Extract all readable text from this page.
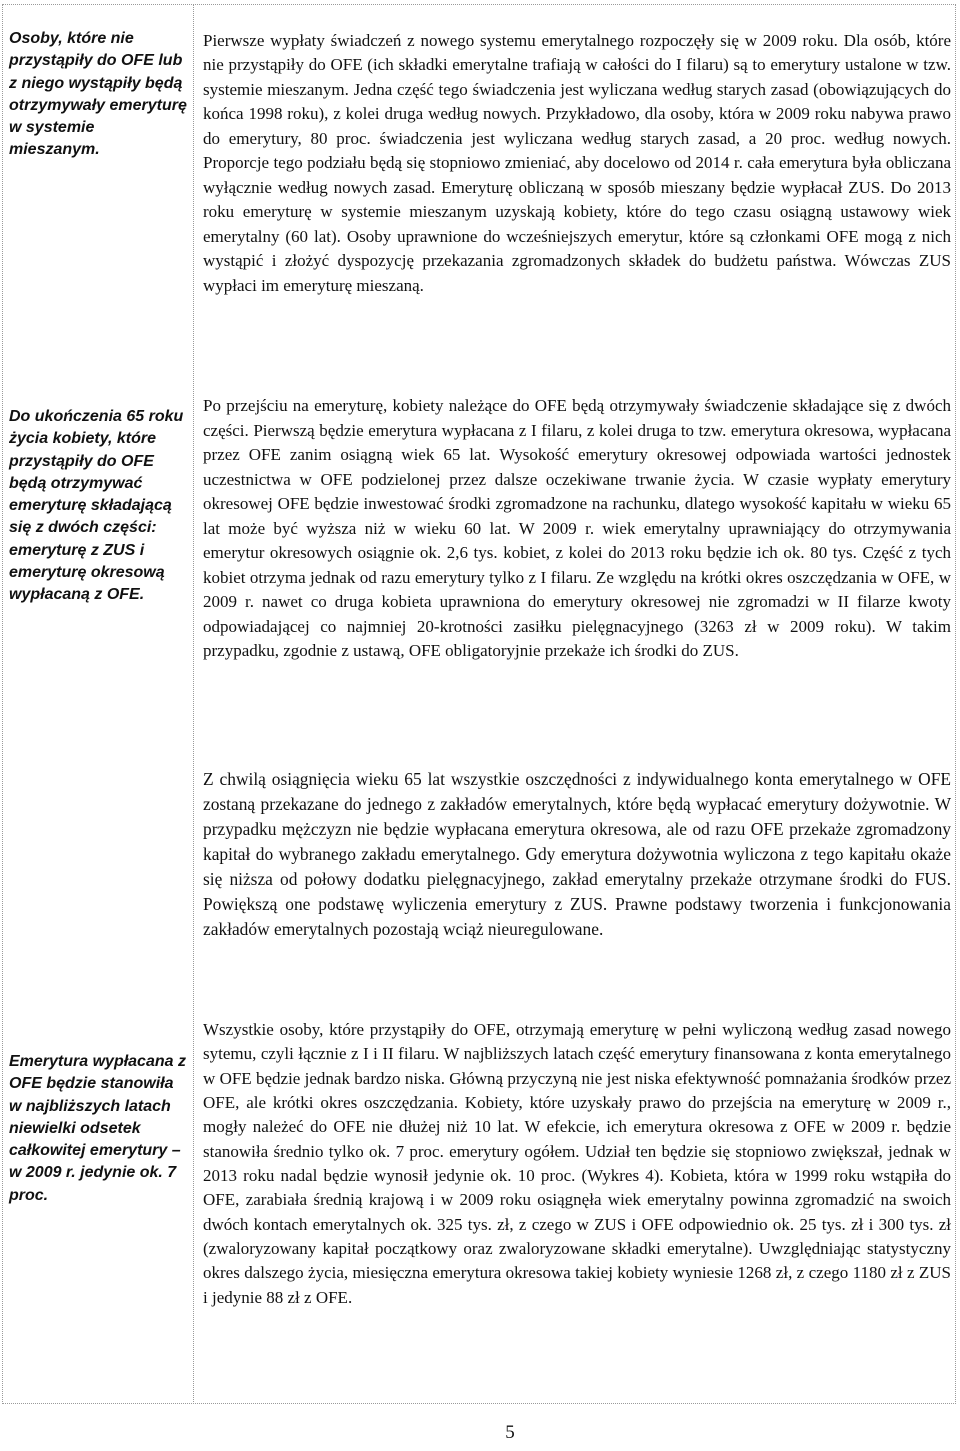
Osoby, które nie przystąpiły do OFE lub z niego wystąpiły będą otrzymywały emeryturę w systemie mieszanym.

Do ukończenia 65 roku życia kobiety, które przystąpiły do OFE będą otrzymywać emeryturę składającą się z dwóch części: emeryturę z ZUS i emeryturę okresową wypłacaną z OFE.

Emerytura wypłacana z OFE będzie stanowiła w najbliższych latach niewielki odsetek całkowitej emerytury – w 2009 r. jedynie ok. 7 proc.

Pierwsze wypłaty świadczeń z nowego systemu emerytalnego rozpoczęły się w 2009 roku. Dla osób, które nie przystąpiły do OFE (ich składki emerytalne trafiają w całości do I filaru) są to emerytury ustalone w tzw. systemie mieszanym. Jedna część tego świadczenia jest wyliczana według starych zasad (obowiązujących do końca 1998 roku), z kolei druga według nowych. Przykładowo, dla osoby, która w 2009 roku nabywa prawo do emerytury, 80 proc. świadczenia jest wyliczana według starych zasad, a 20 proc. według nowych. Proporcje tego podziału będą się stopniowo zmieniać, aby docelowo od 2014 r. cała emerytura była obliczana wyłącznie według nowych zasad. Emeryturę obliczaną w sposób mieszany będzie wypłacał ZUS. Do 2013 roku emeryturę w systemie mieszanym uzyskają kobiety, które do tego czasu osiągną ustawowy wiek emerytalny (60 lat). Osoby uprawnione do wcześniejszych emerytur, które są członkami OFE mogą z nich wystąpić i złożyć dyspozycję przekazania zgromadzonych składek do budżetu państwa. Wówczas ZUS wypłaci im emeryturę mieszaną.

Po przejściu na emeryturę, kobiety należące do OFE będą otrzymywały świadczenie składające się z dwóch części. Pierwszą będzie emerytura wypłacana z I filaru, z kolei druga to tzw. emerytura okresowa, wypłacana przez OFE zanim osiągną wiek 65 lat. Wysokość emerytury okresowej odpowiada wartości jednostek uczestnictwa w OFE podzielonej przez dalsze oczekiwane trwanie życia. W czasie wypłaty emerytury okresowej OFE będzie inwestować środki zgromadzone na rachunku, dlatego wysokość kapitału w wieku 65 lat może być wyższa niż w wieku 60 lat. W 2009 r. wiek emerytalny uprawniający do otrzymywania emerytur okresowych osiągnie ok. 2,6 tys. kobiet, z kolei do 2013 roku będzie ich ok. 80 tys. Część z tych kobiet otrzyma jednak od razu emerytury tylko z I filaru. Ze względu na krótki okres oszczędzania w OFE, w 2009 r. nawet co druga kobieta uprawniona do emerytury okresowej nie zgromadzi w II filarze kwoty odpowiadającej co najmniej 20-krotności zasiłku pielęgnacyjnego (3263 zł w 2009 roku). W takim przypadku, zgodnie z ustawą, OFE obligatoryjnie przekaże ich środki do ZUS.

Z chwilą osiągnięcia wieku 65 lat wszystkie oszczędności z indywidualnego konta emerytalnego w OFE zostaną przekazane do jednego z zakładów emerytalnych, które będą wypłacać emerytury dożywotnie. W przypadku mężczyzn nie będzie wypłacana emerytura okresowa, ale od razu OFE przekaże zgromadzony kapitał do wybranego zakładu emerytalnego. Gdy emerytura dożywotnia wyliczona z tego kapitału okaże się niższa od połowy dodatku pielęgnacyjnego, zakład emerytalny przekaże otrzymane środki do FUS. Powiększą one podstawę wyliczenia emerytury z ZUS. Prawne podstawy tworzenia i funkcjonowania zakładów emerytalnych pozostają wciąż nieuregulowane.

Wszystkie osoby, które przystąpiły do OFE, otrzymają emeryturę w pełni wyliczoną według zasad nowego sytemu, czyli łącznie z I i II filaru. W najbliższych latach część emerytury finansowana z konta emerytalnego w OFE będzie jednak bardzo niska. Główną przyczyną nie jest niska efektywność pomnażania środków przez OFE, ale krótki okres oszczędzania. Kobiety, które uzyskały prawo do przejścia na emeryturę w 2009 r., mogły należeć do OFE nie dłużej niż 10 lat. W efekcie, ich emerytura okresowa z OFE w 2009 r. będzie stanowiła średnio tylko ok. 7 proc. emerytury ogółem. Udział ten będzie się stopniowo zwiększał, jednak w 2013 roku nadal będzie wynosił jedynie ok. 10 proc. (Wykres 4). Kobieta, która w 1999 roku wstąpiła do OFE, zarabiała średnią krajową i w 2009 roku osiągnęła wiek emerytalny powinna zgromadzić na swoich dwóch kontach emerytalnych ok. 325 tys. zł, z czego w ZUS i OFE odpowiednio ok. 25 tys. zł i 300 tys. zł (zwaloryzowany kapitał początkowy oraz zwaloryzowane składki emerytalne). Uwzględniając statystyczny okres dalszego życia, miesięczna emerytura okresowa takiej kobiety wyniesie 1268 zł, z czego 1180 zł z ZUS i jedynie 88 zł z OFE.

5
